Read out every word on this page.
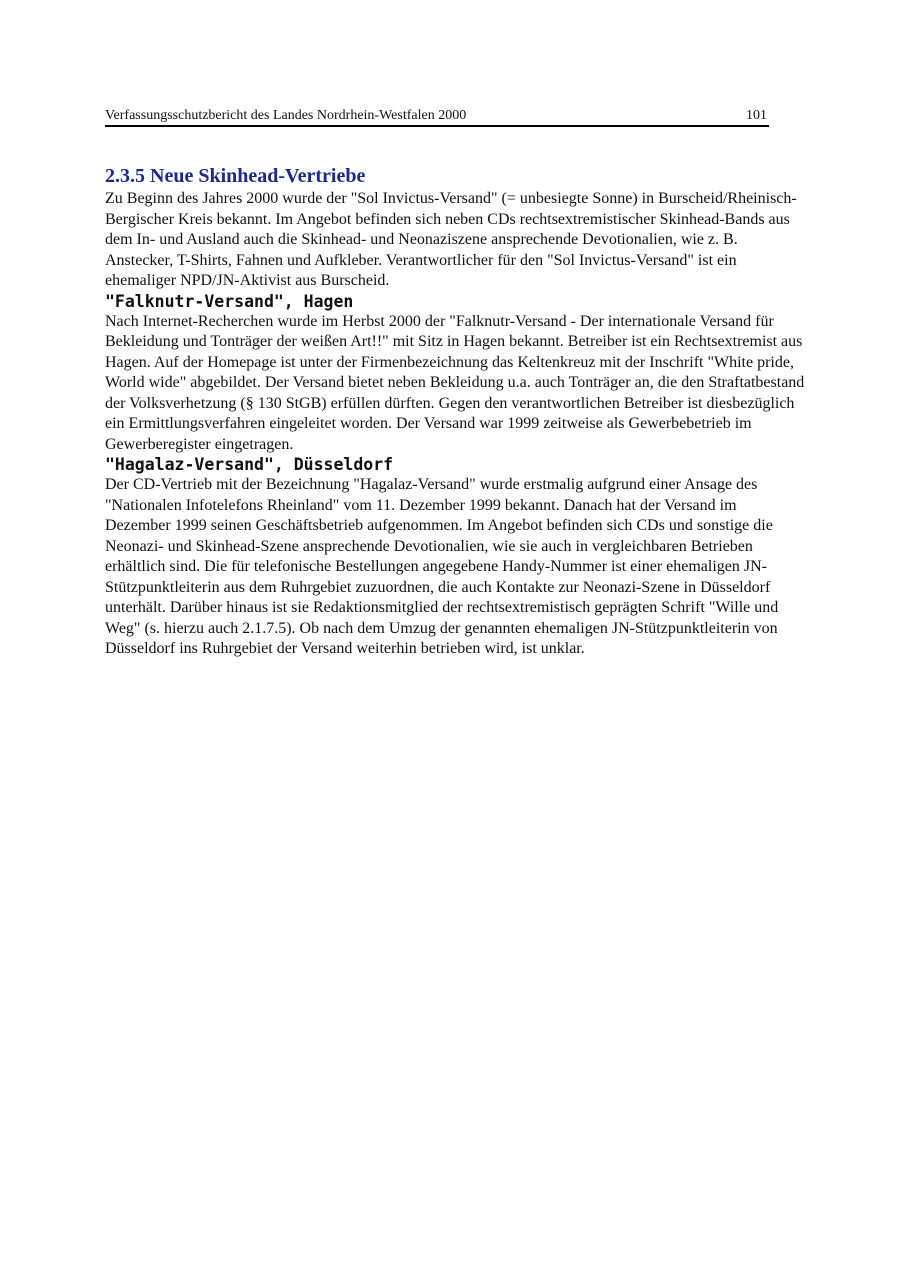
Verfassungsschutzbericht des Landes Nordrhein-Westfalen 2000	101
2.3.5 Neue Skinhead-Vertriebe

Zu Beginn des Jahres 2000 wurde der "Sol Invictus-Versand" (= unbesiegte Sonne) in Burscheid/Rheinisch-Bergischer Kreis bekannt. Im Angebot befinden sich neben CDs rechtsextremistischer Skinhead-Bands aus dem In- und Ausland auch die Skinhead- und Neonaziszene ansprechende Devotionalien, wie z. B. Anstecker, T-Shirts, Fahnen und Aufkleber. Verantwortlicher für den "Sol Invictus-Versand" ist ein ehemaliger NPD/JN-Aktivist aus Burscheid.

"Falknutr-Versand", Hagen

Nach Internet-Recherchen wurde im Herbst 2000 der "Falknutr-Versand - Der internationale Versand für Bekleidung und Tonträger der weißen Art!!" mit Sitz in Hagen bekannt. Betreiber ist ein Rechtsextremist aus Hagen. Auf der Homepage ist unter der Firmenbezeichnung das Keltenkreuz mit der Inschrift "White pride, World wide" abgebildet. Der Versand bietet neben Bekleidung u.a. auch Tonträger an, die den Straftatbestand der Volksverhetzung (§ 130 StGB) erfüllen dürften. Gegen den verantwortlichen Betreiber ist diesbezüglich ein Ermittlungsverfahren eingeleitet worden. Der Versand war 1999 zeitweise als Gewerbebetrieb im Gewerberegister eingetragen.

"Hagalaz-Versand", Düsseldorf

Der CD-Vertrieb mit der Bezeichnung "Hagalaz-Versand" wurde erstmalig aufgrund einer Ansage des "Nationalen Infotelefons Rheinland" vom 11. Dezember 1999 bekannt. Danach hat der Versand im Dezember 1999 seinen Geschäftsbetrieb aufgenommen. Im Angebot befinden sich CDs und sonstige die Neonazi- und Skinhead-Szene ansprechende Devotionalien, wie sie auch in vergleichbaren Betrieben erhältlich sind. Die für telefonische Bestellungen angegebene Handy-Nummer ist einer ehemaligen JN-Stützpunktleiterin aus dem Ruhrgebiet zuzuordnen, die auch Kontakte zur Neonazi-Szene in Düsseldorf unterhält. Darüber hinaus ist sie Redaktionsmitglied der rechtsextremistisch geprägten Schrift "Wille und Weg" (s. hierzu auch 2.1.7.5). Ob nach dem Umzug der genannten ehemaligen JN-Stützpunktleiterin von Düsseldorf ins Ruhrgebiet der Versand weiterhin betrieben wird, ist unklar.
